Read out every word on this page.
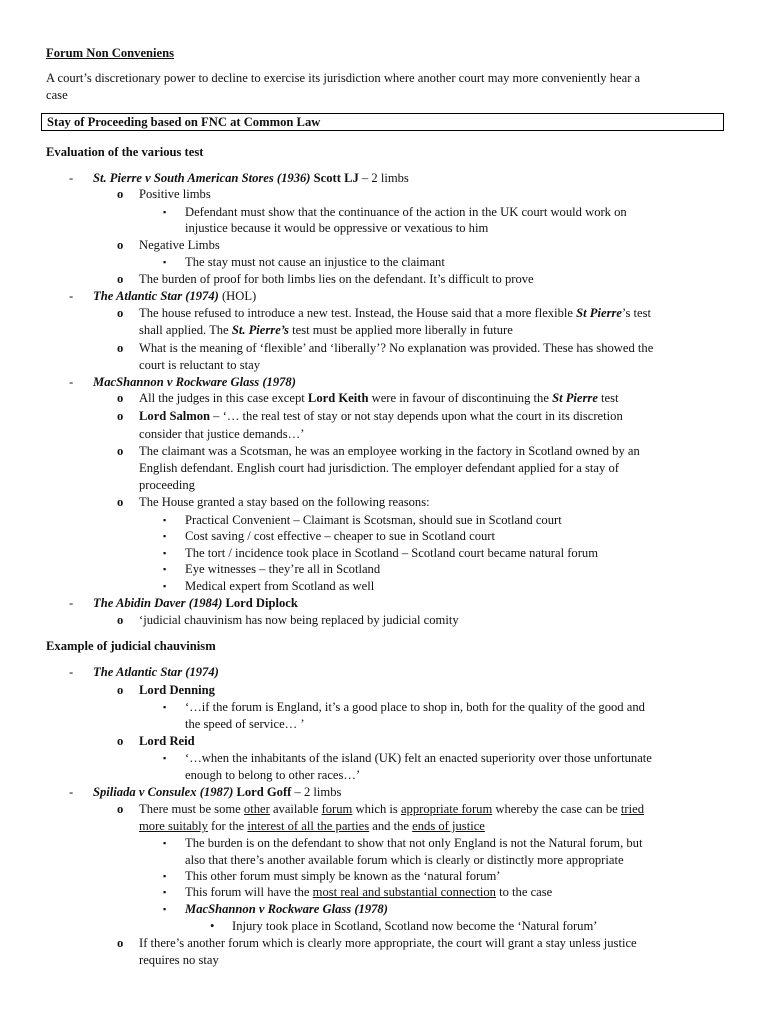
Forum Non Conveniens
A court’s discretionary power to decline to exercise its jurisdiction where another court may more conveniently hear a
case
Stay of Proceeding based on FNC at Common Law
Evaluation of the various test
- St. Pierre v South American Stores (1936) Scott LJ – 2 limbs
o Positive limbs
▪ Defendant must show that the continuance of the action in the UK court would work on
injustice because it would be oppressive or vexatious to him
o Negative Limbs
▪ The stay must not cause an injustice to the claimant
o The burden of proof for both limbs lies on the defendant. It’s difficult to prove
- The Atlantic Star (1974) (HOL)
o The house refused to introduce a new test. Instead, the House said that a more flexible St Pierre’s test
shall applied. The St. Pierre’s test must be applied more liberally in future
o What is the meaning of ‘flexible’ and ‘liberally’? No explanation was provided. These has showed the
court is reluctant to stay
- MacShannon v Rockware Glass (1978)
o All the judges in this case except Lord Keith were in favour of discontinuing the St Pierre test
o Lord Salmon – ‘… the real test of stay or not stay depends upon what the court in its discretion
consider that justice demands…’
o The claimant was a Scotsman, he was an employee working in the factory in Scotland owned by an
English defendant. English court had jurisdiction. The employer defendant applied for a stay of
proceeding
o The House granted a stay based on the following reasons:
▪ Practical Convenient – Claimant is Scotsman, should sue in Scotland court
▪ Cost saving / cost effective – cheaper to sue in Scotland court
▪ The tort / incidence took place in Scotland – Scotland court became natural forum
▪ Eye witnesses – they’re all in Scotland
▪ Medical expert from Scotland as well
- The Abidin Daver (1984) Lord Diplock
o ‘judicial chauvinism has now being replaced by judicial comity
Example of judicial chauvinism
- The Atlantic Star (1974)
o Lord Denning
▪ ‘…if the forum is England, it’s a good place to shop in, both for the quality of the good and
the speed of service… ’
o Lord Reid
▪ ‘…when the inhabitants of the island (UK) felt an enacted superiority over those unfortunate
enough to belong to other races…’
- Spiliada v Consulex (1987) Lord Goff – 2 limbs
o There must be some other available forum which is appropriate forum whereby the case can be tried
more suitably for the interest of all the parties and the ends of justice
▪ The burden is on the defendant to show that not only England is not the Natural forum, but
also that there’s another available forum which is clearly or distinctly more appropriate
▪ This other forum must simply be known as the ‘natural forum’
▪ This forum will have the most real and substantial connection to the case
▪ MacShannon v Rockware Glass (1978)
• Injury took place in Scotland, Scotland now become the ‘Natural forum’
o If there’s another forum which is clearly more appropriate, the court will grant a stay unless justice
requires no stay
